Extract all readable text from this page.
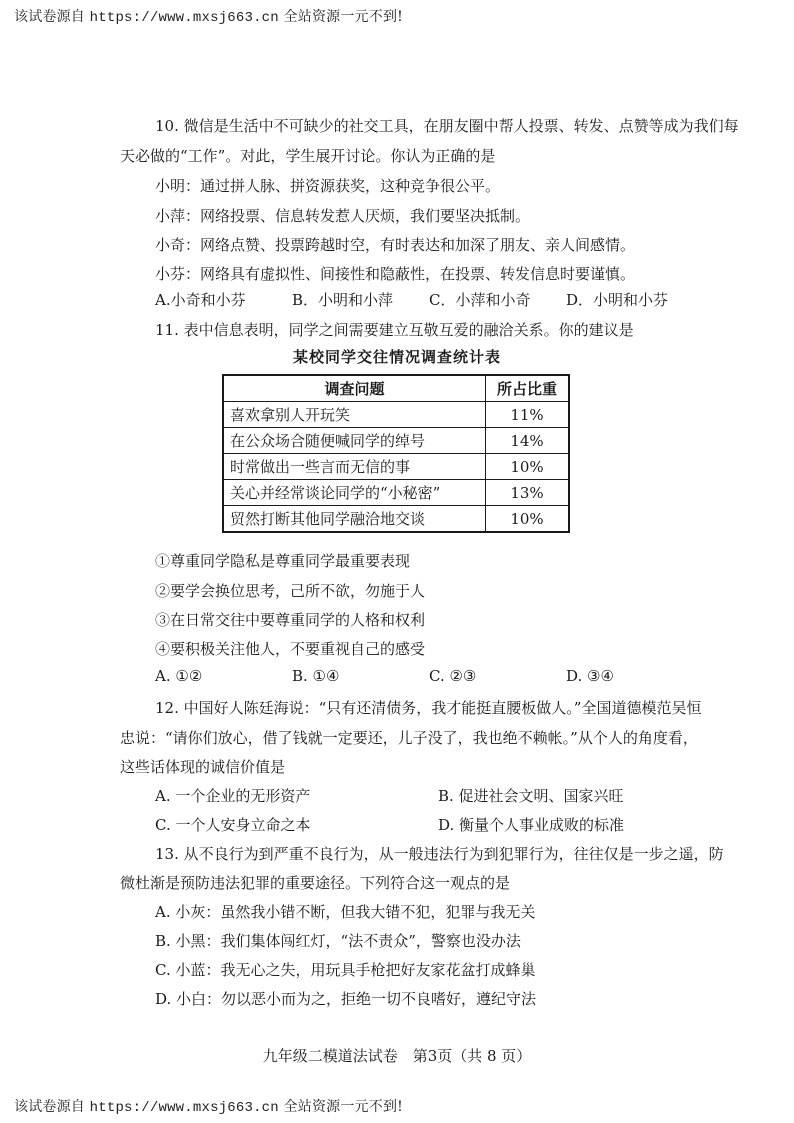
该试卷源自 https://www.mxsj663.cn 全站资源一元不到!
10. 微信是生活中不可缺少的社交工具，在朋友圈中帮人投票、转发、点赞等成为我们每
天必做的“工作”。对此，学生展开讨论。你认为正确的是
小明：通过拼人脉、拼资源获奖，这种竞争很公平。
小萍：网络投票、信息转发惹人厌烦，我们要坚决抵制。
小奇：网络点赞、投票跨越时空，有时表达和加深了朋友、亲人间感情。
小芬：网络具有虚拟性、间接性和隐蔽性，在投票、转发信息时要谨慎。
A.小奇和小芬	B．小明和小萍 C．小萍和小奇 D．小明和小芬
11. 表中信息表明，同学之间需要建立互敬互爱的融洽关系。你的建议是
某校同学交往情况调查统计表
调查问题	所占比重
喜欢拿别人开玩笑	11%
在公众场合随便喊同学的绰号	14%
时常做出一些言而无信的事	10%
关心并经常谈论同学的“小秘密”	13%
贸然打断其他同学融洽地交谈	10%
①尊重同学隐私是尊重同学最重要表现
②要学会换位思考，己所不欲，勿施于人
③在日常交往中要尊重同学的人格和权利
④要积极关注他人，不要重视自己的感受
A. ①②	B. ①④	C. ②③	D. ③④
12. 中国好人陈廷海说：“只有还清债务，我才能挺直腰板做人。”全国道德模范吴恒
忠说：“请你们放心，借了钱就一定要还，儿子没了，我也绝不赖帐。”从个人的角度看，
这些话体现的诚信价值是
A. 一个企业的无形资产	B. 促进社会文明、国家兴旺
C. 一个人安身立命之本	D. 衡量个人事业成败的标准
13. 从不良行为到严重不良行为，从一般违法行为到犯罪行为，往往仅是一步之遥，防
微杜渐是预防违法犯罪的重要途径。下列符合这一观点的是
A. 小灰：虽然我小错不断，但我大错不犯，犯罪与我无关
B. 小黑：我们集体闯红灯，“法不责众”，警察也没办法
C. 小蓝：我无心之失，用玩具手枪把好友家花盆打成蜂巢
D. 小白：勿以恶小而为之，拒绝一切不良嗜好，遵纪守法
九年级二模道法试卷　第3页（共 8 页）
该试卷源自 https://www.mxsj663.cn 全站资源一元不到!
